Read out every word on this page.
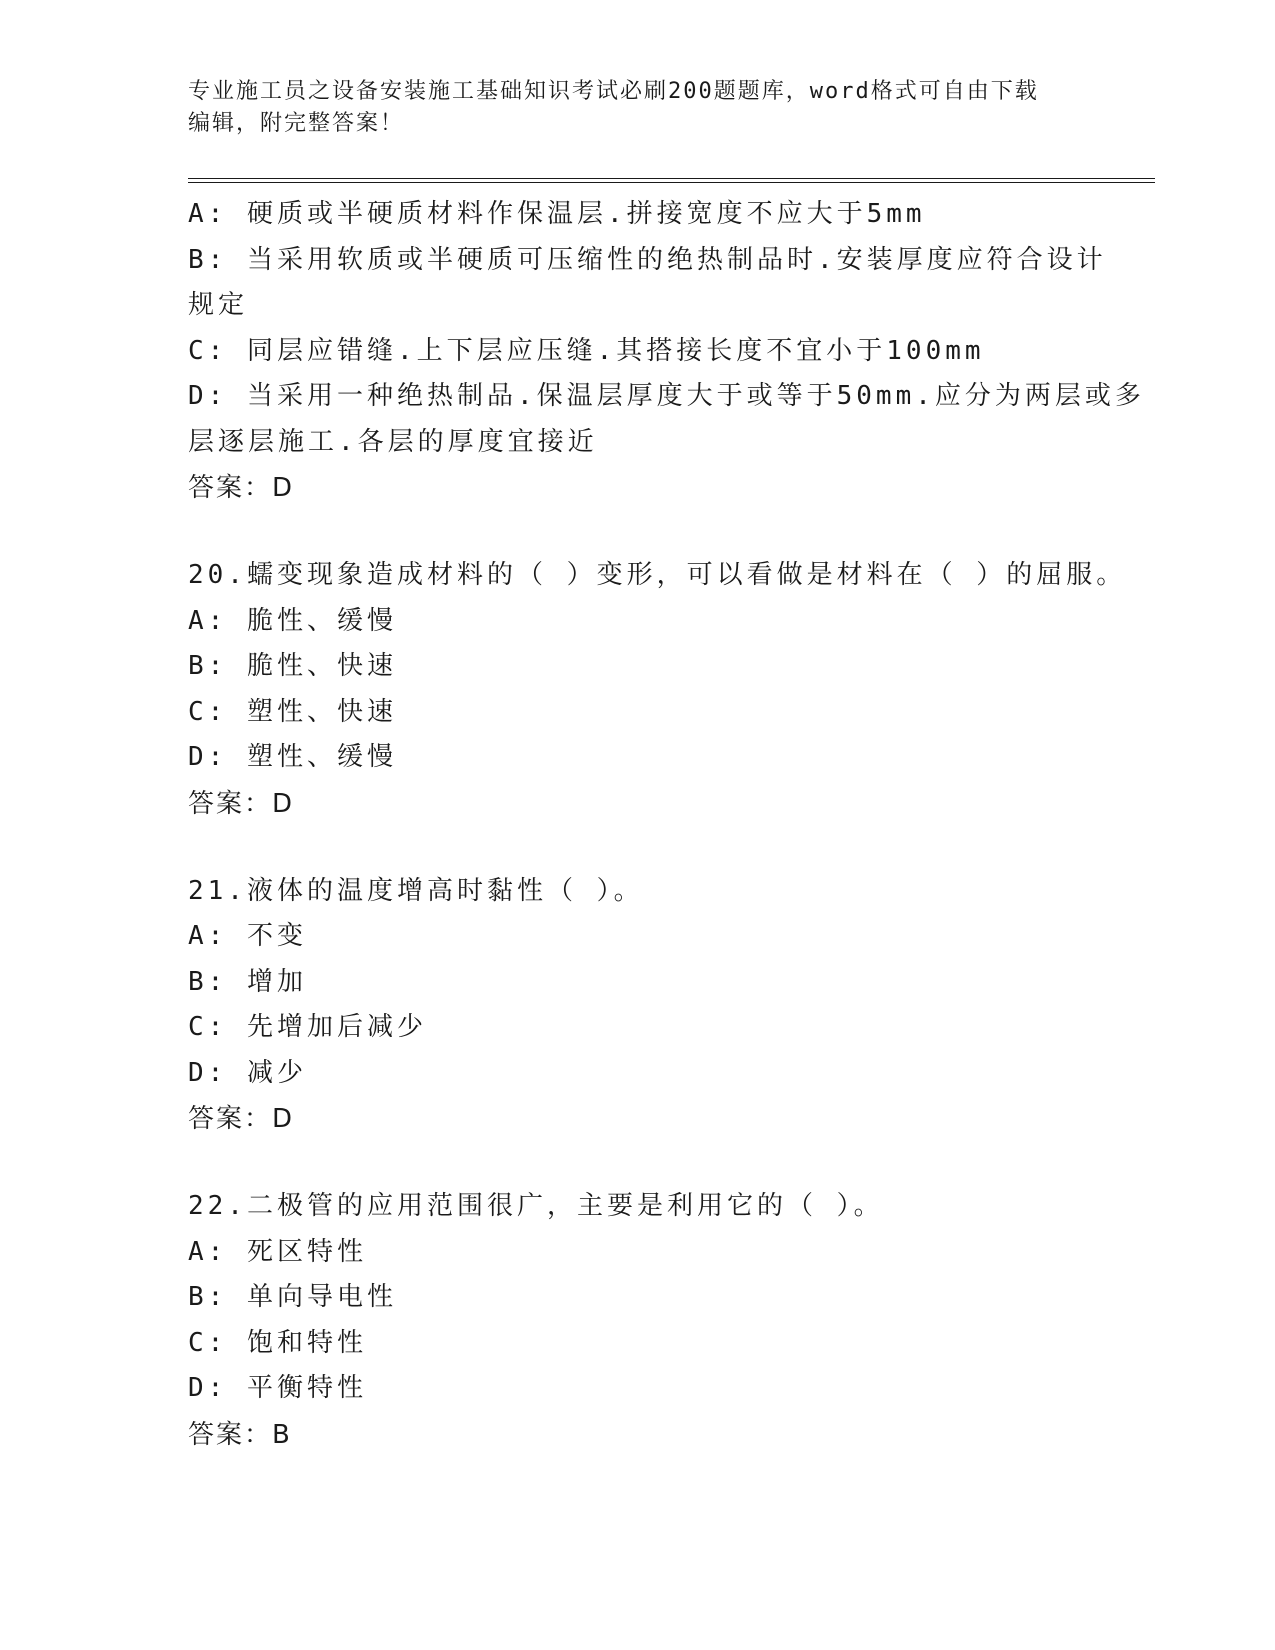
专业施工员之设备安装施工基础知识考试必刷200题题库，word格式可自由下载
编辑，附完整答案！
A: 硬质或半硬质材料作保温层.拼接宽度不应大于5mm
B: 当采用软质或半硬质可压缩性的绝热制品时.安装厚度应符合设计
规定
C: 同层应错缝.上下层应压缝.其搭接长度不宜小于100mm
D: 当采用一种绝热制品.保温层厚度大于或等于50mm.应分为两层或多
层逐层施工.各层的厚度宜接近
答案：D
20.蠕变现象造成材料的（ ）变形，可以看做是材料在（ ）的屈服。
A: 脆性、缓慢
B: 脆性、快速
C: 塑性、快速
D: 塑性、缓慢
答案：D
21.液体的温度增高时黏性（ ）。
A: 不变
B: 增加
C: 先增加后减少
D: 减少
答案：D
22.二极管的应用范围很广，主要是利用它的（ ）。
A: 死区特性
B: 单向导电性
C: 饱和特性
D: 平衡特性
答案：B
